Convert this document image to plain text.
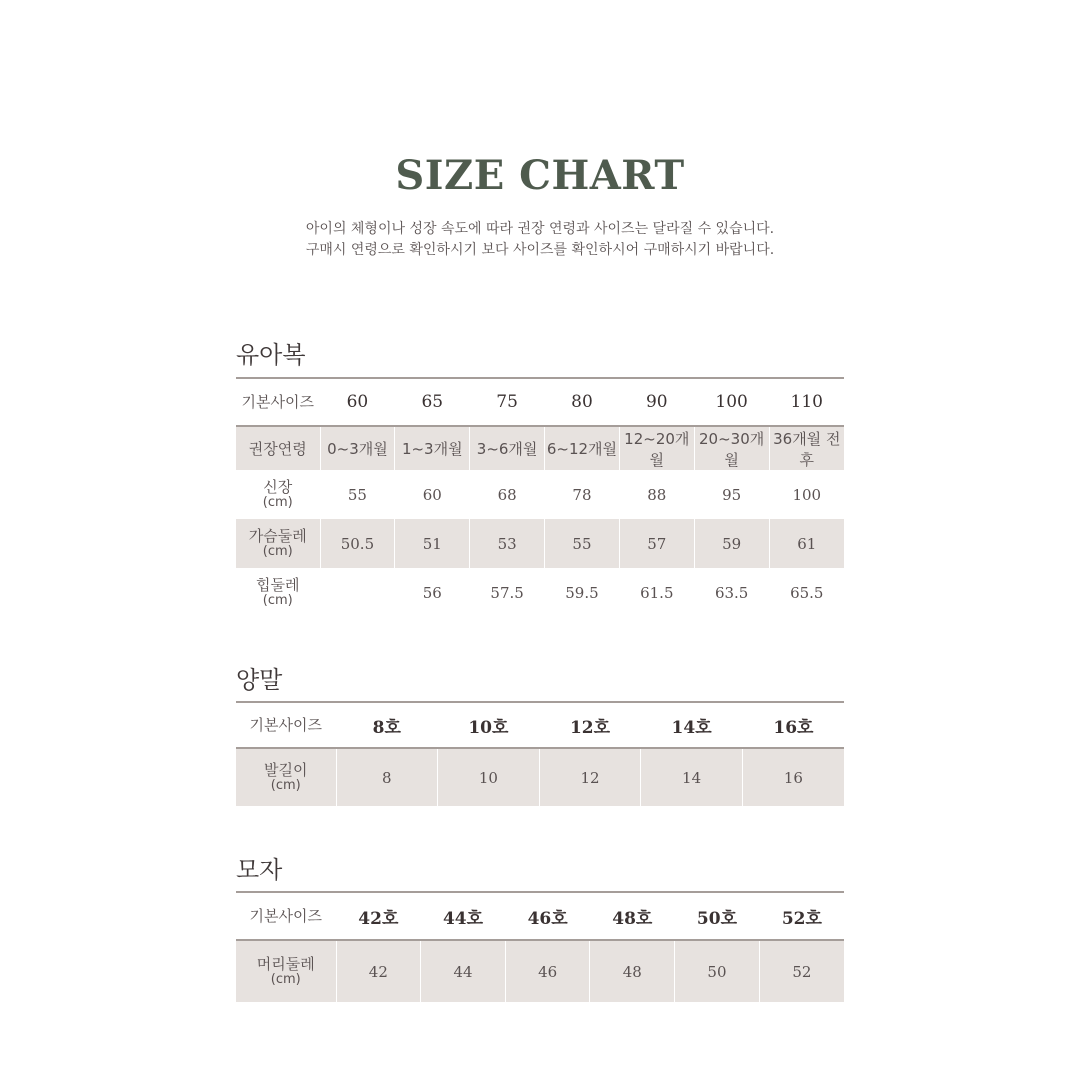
SIZE CHART
아이의 체형이나 성장 속도에 따라 권장 연령과 사이즈는 달라질 수 있습니다.
구매시 연령으로 확인하시기 보다 사이즈를 확인하시어 구매하시기 바랍니다.
유아복
기본사이즈	60	65	75	80	90	100	110
권장연령	0~3개월	1~3개월	3~6개월	6~12개월	12~20개월	20~30개월	36개월 전후

신장
(cm)	55	60	68	78	88	95	100

가슴둘레
(cm)	50.5	51	53	55	57	59	61

힙둘레
(cm)		56	57.5	59.5	61.5	63.5	65.5
양말
기본사이즈	8호	10호	12호	14호	16호

발길이
(cm)	8	10	12	14	16
모자
기본사이즈	42호	44호	46호	48호	50호	52호

머리둘레
(cm)	42	44	46	48	50	52
